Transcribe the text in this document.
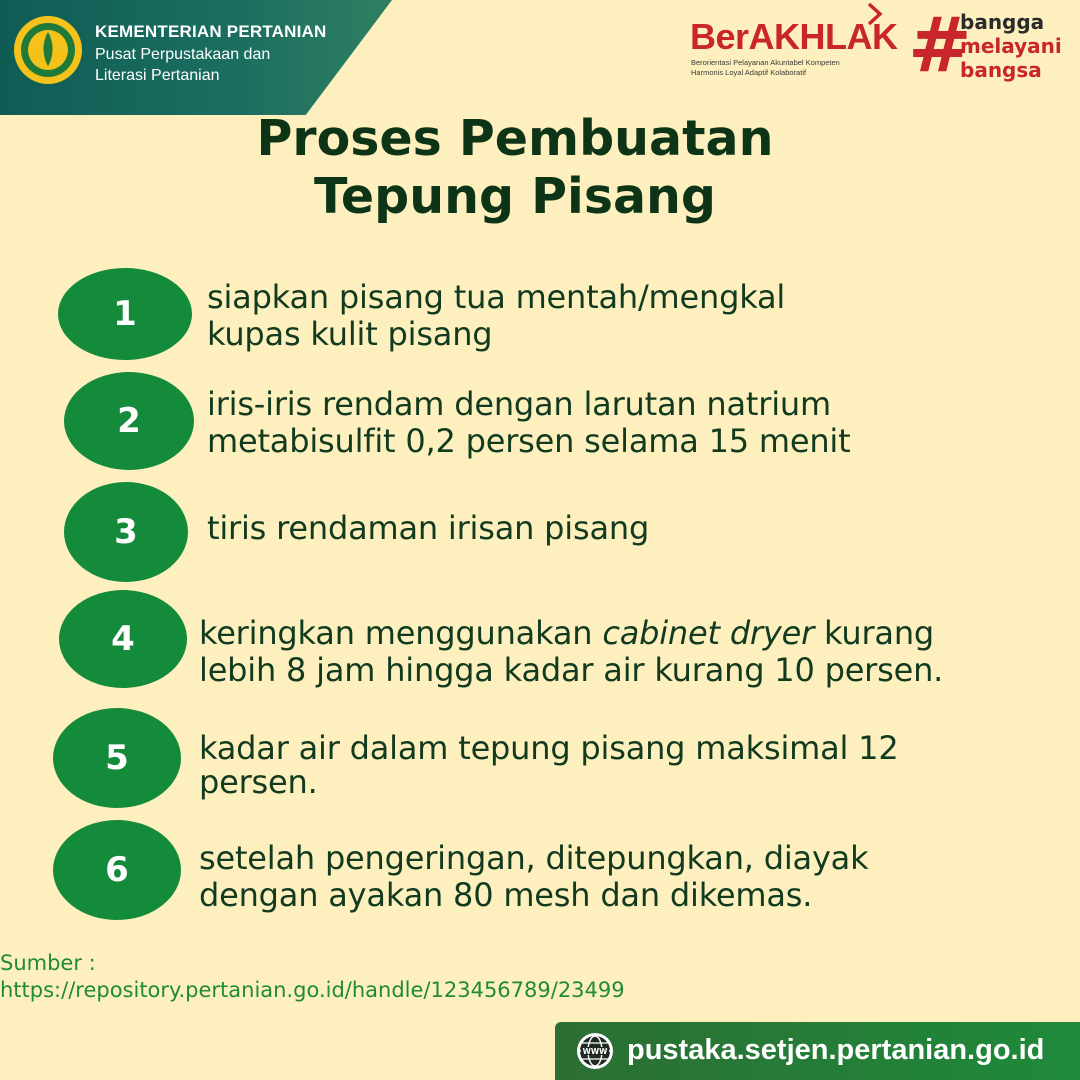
KEMENTERIAN PERTANIAN
Pusat Perpustakaan dan
Literasi Pertanian
BerAKHLAK
Berorientasi Pelayanan Akuntabel Kompeten
Harmonis Loyal Adaptif Kolaboratif	#
bangga
melayani
bangsa
Proses Pembuatan
Tepung Pisang
1	siapkan pisang tua mentah/mengkal
kupas kulit pisang
2	iris-iris rendam dengan larutan natrium
metabisulfit 0,2 persen selama 15 menit
3	tiris rendaman irisan pisang
4	keringkan menggunakan cabinet dryer kurang
lebih 8 jam hingga kadar air kurang 10 persen.
5	kadar air dalam tepung pisang maksimal 12
persen.
6	setelah pengeringan, ditepungkan, diayak
dengan ayakan 80 mesh dan dikemas.
Sumber :
https://repository.pertanian.go.id/handle/123456789/23499
WWW pustaka.setjen.pertanian.go.id
